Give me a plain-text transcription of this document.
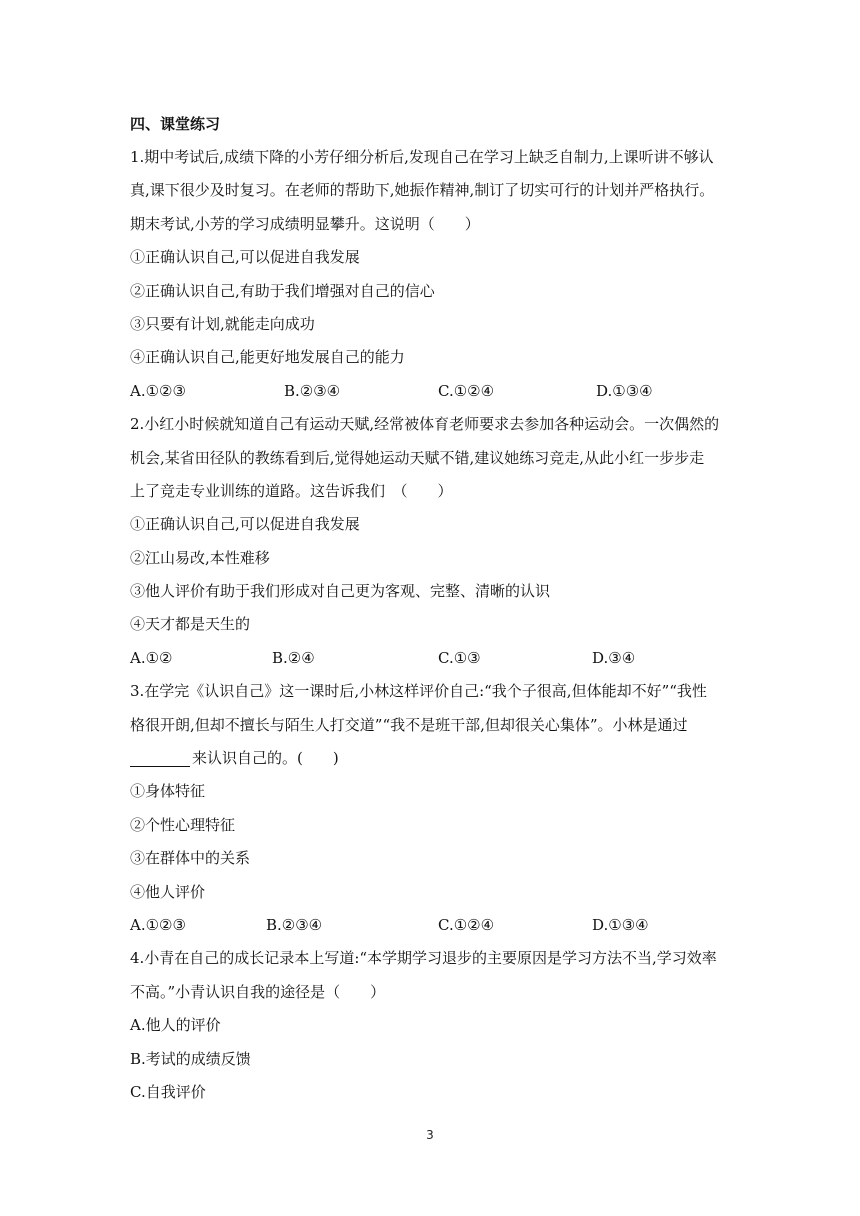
四、课堂练习
1.期中考试后,成绩下降的小芳仔细分析后,发现自己在学习上缺乏自制力,上课听讲不够认
真,课下很少及时复习。在老师的帮助下,她振作精神,制订了切实可行的计划并严格执行。
期末考试,小芳的学习成绩明显攀升。这说明（　　）
①正确认识自己,可以促进自我发展
②正确认识自己,有助于我们增强对自己的信心
③只要有计划,就能走向成功
④正确认识自己,能更好地发展自己的能力
A.①②③	B.②③④	C.①②④	D.①③④
2.小红小时候就知道自己有运动天赋,经常被体育老师要求去参加各种运动会。一次偶然的
机会,某省田径队的教练看到后,觉得她运动天赋不错,建议她练习竞走,从此小红一步步走
上了竞走专业训练的道路。这告诉我们　（　　）
①正确认识自己,可以促进自我发展
②江山易改,本性难移
③他人评价有助于我们形成对自己更为客观、完整、清晰的认识
④天才都是天生的
A.①②	B.②④	C.①③	D.③④
3.在学完《认识自己》这一课时后,小林这样评价自己:“我个子很高,但体能却不好”“我性
格很开朗,但却不擅长与陌生人打交道”“我不是班干部,但却很关心集体”。小林是通过
来认识自己的。(　　)
①身体特征
②个性心理特征
③在群体中的关系
④他人评价
A.①②③	B.②③④	C.①②④	D.①③④
4.小青在自己的成长记录本上写道:“本学期学习退步的主要原因是学习方法不当,学习效率
不高。”小青认识自我的途径是（　　）
A.他人的评价
B.考试的成绩反馈
C.自我评价
3
